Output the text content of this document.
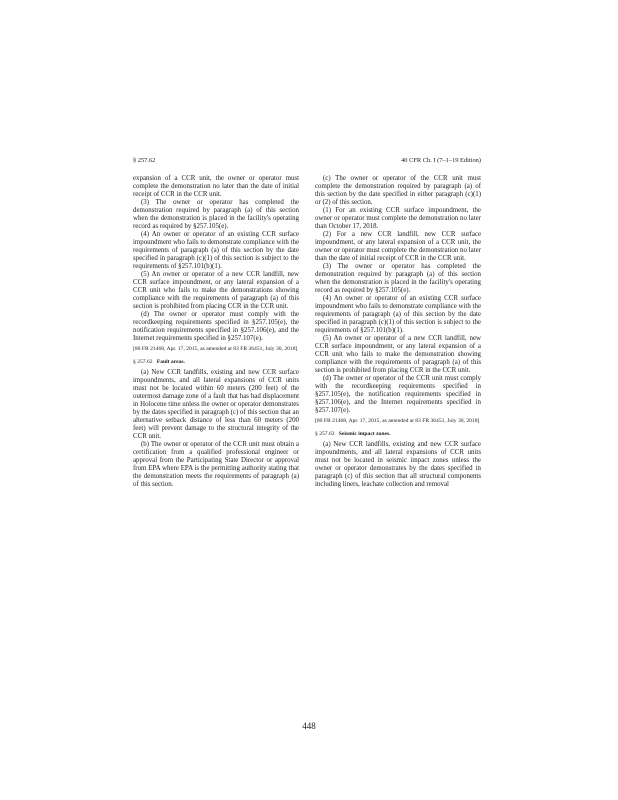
§ 257.62	40 CFR Ch. I (7–1–19 Edition)

expansion of a CCR unit, the owner or operator must complete the demonstration no later than the date of initial receipt of CCR in the CCR unit.

(3) The owner or operator has completed the demonstration required by paragraph (a) of this section when the demonstration is placed in the facility's operating record as required by §257.105(e).

(4) An owner or operator of an existing CCR surface impoundment who fails to demonstrate compliance with the requirements of paragraph (a) of this section by the date specified in paragraph (c)(1) of this section is subject to the requirements of §257.101(b)(1).

(5) An owner or operator of a new CCR landfill, new CCR surface impoundment, or any lateral expansion of a CCR unit who fails to make the demonstrations showing compliance with the requirements of paragraph (a) of this section is prohibited from placing CCR in the CCR unit.

(d) The owner or operator must comply with the recordkeeping requirements specified in §257.105(e), the notification requirements specified in §257.106(e), and the Internet requirements specified in §257.107(e).

[80 FR 21468, Apr. 17, 2015, as amended at 83 FR 36451, July 30, 2018]

§ 257.62 Fault areas.

(a) New CCR landfills, existing and new CCR surface impoundments, and all lateral expansions of CCR units must not be located within 60 meters (200 feet) of the outermost damage zone of a fault that has had displacement in Holocene time unless the owner or operator demonstrates by the dates specified in paragraph (c) of this section that an alternative setback distance of less than 60 meters (200 feet) will prevent damage to the structural integrity of the CCR unit.

(b) The owner or operator of the CCR unit must obtain a certification from a qualified professional engineer or approval from the Participating State Director or approval from EPA where EPA is the permitting authority stating that the demonstration meets the requirements of paragraph (a) of this section.

(c) The owner or operator of the CCR unit must complete the demonstration required by paragraph (a) of this section by the date specified in either paragraph (c)(1) or (2) of this section.

(1) For an existing CCR surface impoundment, the owner or operator must complete the demonstration no later than October 17, 2018.

(2) For a new CCR landfill, new CCR surface impoundment, or any lateral expansion of a CCR unit, the owner or operator must complete the demonstration no later than the date of initial receipt of CCR in the CCR unit.

(3) The owner or operator has completed the demonstration required by paragraph (a) of this section when the demonstration is placed in the facility's operating record as required by §257.105(e).

(4) An owner or operator of an existing CCR surface impoundment who fails to demonstrate compliance with the requirements of paragraph (a) of this section by the date specified in paragraph (c)(1) of this section is subject to the requirements of §257.101(b)(1).

(5) An owner or operator of a new CCR landfill, new CCR surface impoundment, or any lateral expansion of a CCR unit who fails to make the demonstration showing compliance with the requirements of paragraph (a) of this section is prohibited from placing CCR in the CCR unit.

(d) The owner or operator of the CCR unit must comply with the recordkeeping requirements specified in §257.105(e), the notification requirements specified in §257.106(e), and the Internet requirements specified in §257.107(e).

[80 FR 21468, Apr. 17, 2015, as amended at 83 FR 36451, July 30, 2018]

§ 257.63 Seismic impact zones.

(a) New CCR landfills, existing and new CCR surface impoundments, and all lateral expansions of CCR units must not be located in seismic impact zones unless the owner or operator demonstrates by the dates specified in paragraph (c) of this section that all structural components including liners, leachate collection and removal

448
